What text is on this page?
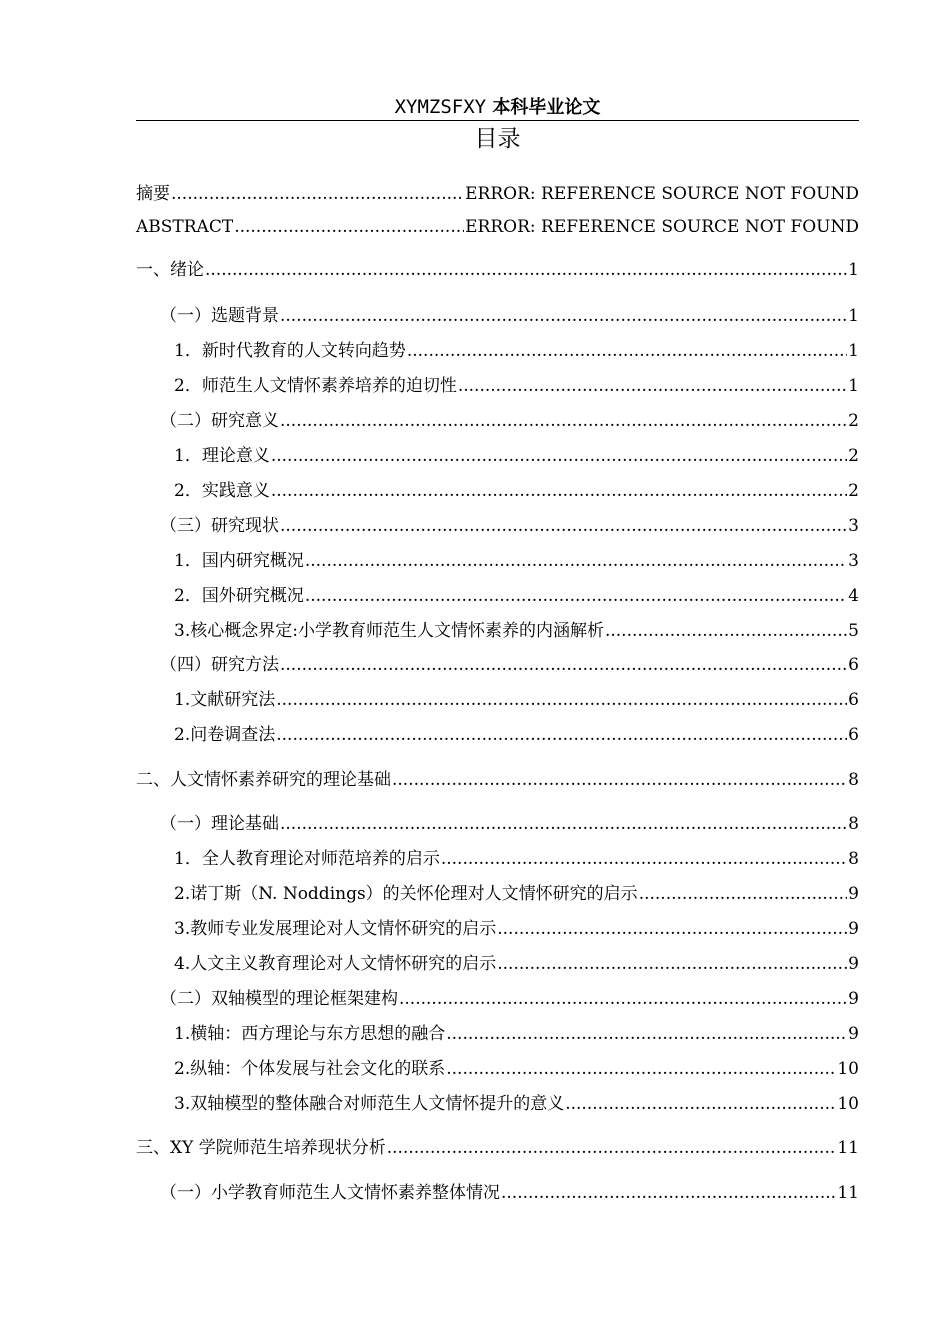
XYMZSFXY 本科毕业论文
目录
摘要 .....	ERROR: REFERENCE SOURCE NOT FOUND
ABSTRACT .....	ERROR: REFERENCE SOURCE NOT FOUND
一、绪论 .....	1
（一）选题背景 .....	1
1．新时代教育的人文转向趋势 .....	1
2．师范生人文情怀素养培养的迫切性 .....	1
（二）研究意义 .....	2
1．理论意义 .....	2
2．实践意义 .....	2
（三）研究现状 .....	3
1．国内研究概况 .....	3
2．国外研究概况 .....	4
3.核心概念界定:小学教育师范生人文情怀素养的内涵解析 .....	5
（四）研究方法 .....	6
1.文献研究法 .....	6
2.问卷调查法 .....	6
二、人文情怀素养研究的理论基础 .....	8
（一）理论基础 .....	8
1．全人教育理论对师范培养的启示 .....	8
2.诺丁斯（N. Noddings）的关怀伦理对人文情怀研究的启示 .....	9
3.教师专业发展理论对人文情怀研究的启示 .....	9
4.人文主义教育理论对人文情怀研究的启示 .....	9
（二）双轴模型的理论框架建构 .....	9
1.横轴：西方理论与东方思想的融合 .....	9
2.纵轴：个体发展与社会文化的联系 .....	10
3.双轴模型的整体融合对师范生人文情怀提升的意义 .....	10
三、XY 学院师范生培养现状分析 .....	11
（一）小学教育师范生人文情怀素养整体情况 .....	11
